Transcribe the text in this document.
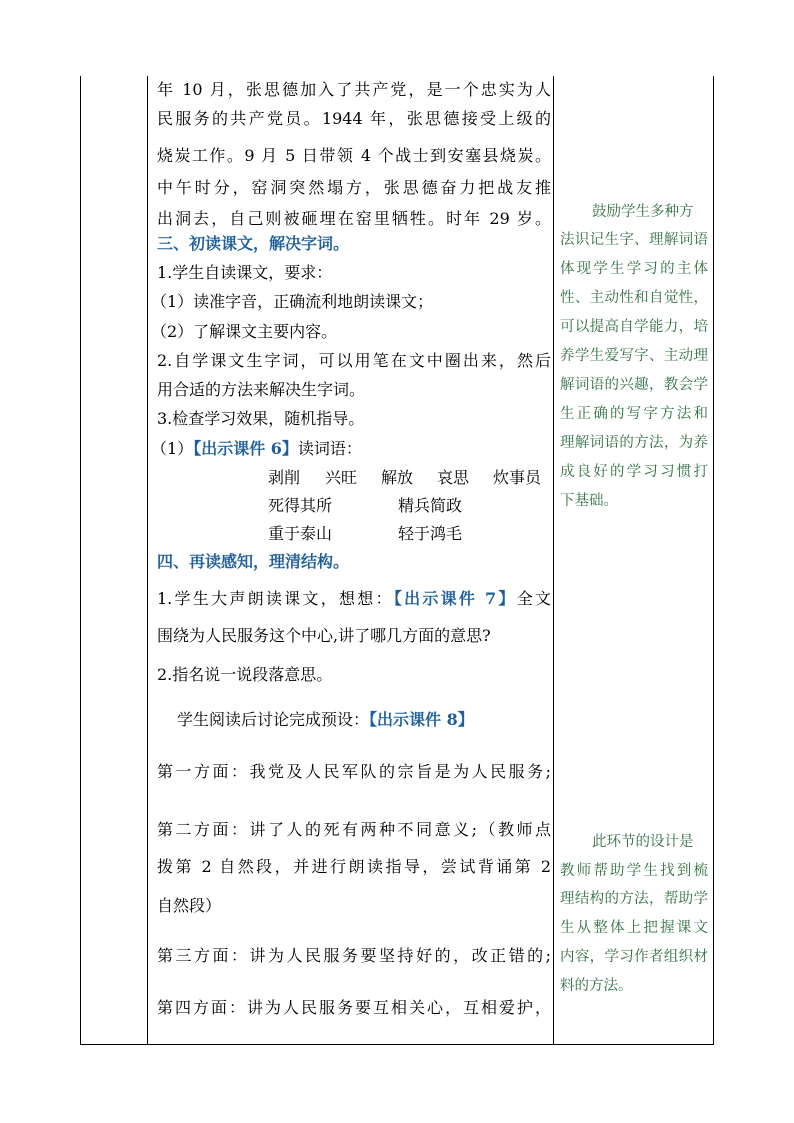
年 10 月，张思德加入了共产党，是一个忠实为人
民服务的共产党员。1944 年，张思德接受上级的
烧炭工作。9 月 5 日带领 4 个战士到安塞县烧炭。
中午时分，窑洞突然塌方，张思德奋力把战友推
出洞去，自己则被砸埋在窑里牺牲。时年 29 岁。
三、初读课文，解决字词。
1.学生自读课文，要求：
（1）读准字音，正确流利地朗读课文；
（2）了解课文主要内容。
2.自学课文生字词，可以用笔在文中圈出来，然后
用合适的方法来解决生字词。
3.检查学习效果，随机指导。
（1）【出示课件 6】读词语：
剥削 兴旺 解放 哀思 炊事员
死得其所	精兵简政
重于泰山	轻于鸿毛
四、再读感知，理清结构。
1.学生大声朗读课文，想想：【出示课件 7】全文
围绕为人民服务这个中心,讲了哪几方面的意思?
2.指名说一说段落意思。
学生阅读后讨论完成预设：【出示课件 8】
第一方面：我党及人民军队的宗旨是为人民服务;
第二方面：讲了人的死有两种不同意义;（教师点
拨第 2 自然段，并进行朗读指导，尝试背诵第 2
自然段）
第三方面：讲为人民服务要坚持好的，改正错的;
第四方面：讲为人民服务要互相关心，互相爱护，
鼓励学生多种方
法识记生字、理解词语
体现学生学习的主体
性、主动性和自觉性，
可以提高自学能力，培
养学生爱写字、主动理
解词语的兴趣，教会学
生正确的写字方法和
理解词语的方法，为养
成良好的学习习惯打
下基础。
此环节的设计是
教师帮助学生找到梳
理结构的方法，帮助学
生从整体上把握课文
内容，学习作者组织材
料的方法。
